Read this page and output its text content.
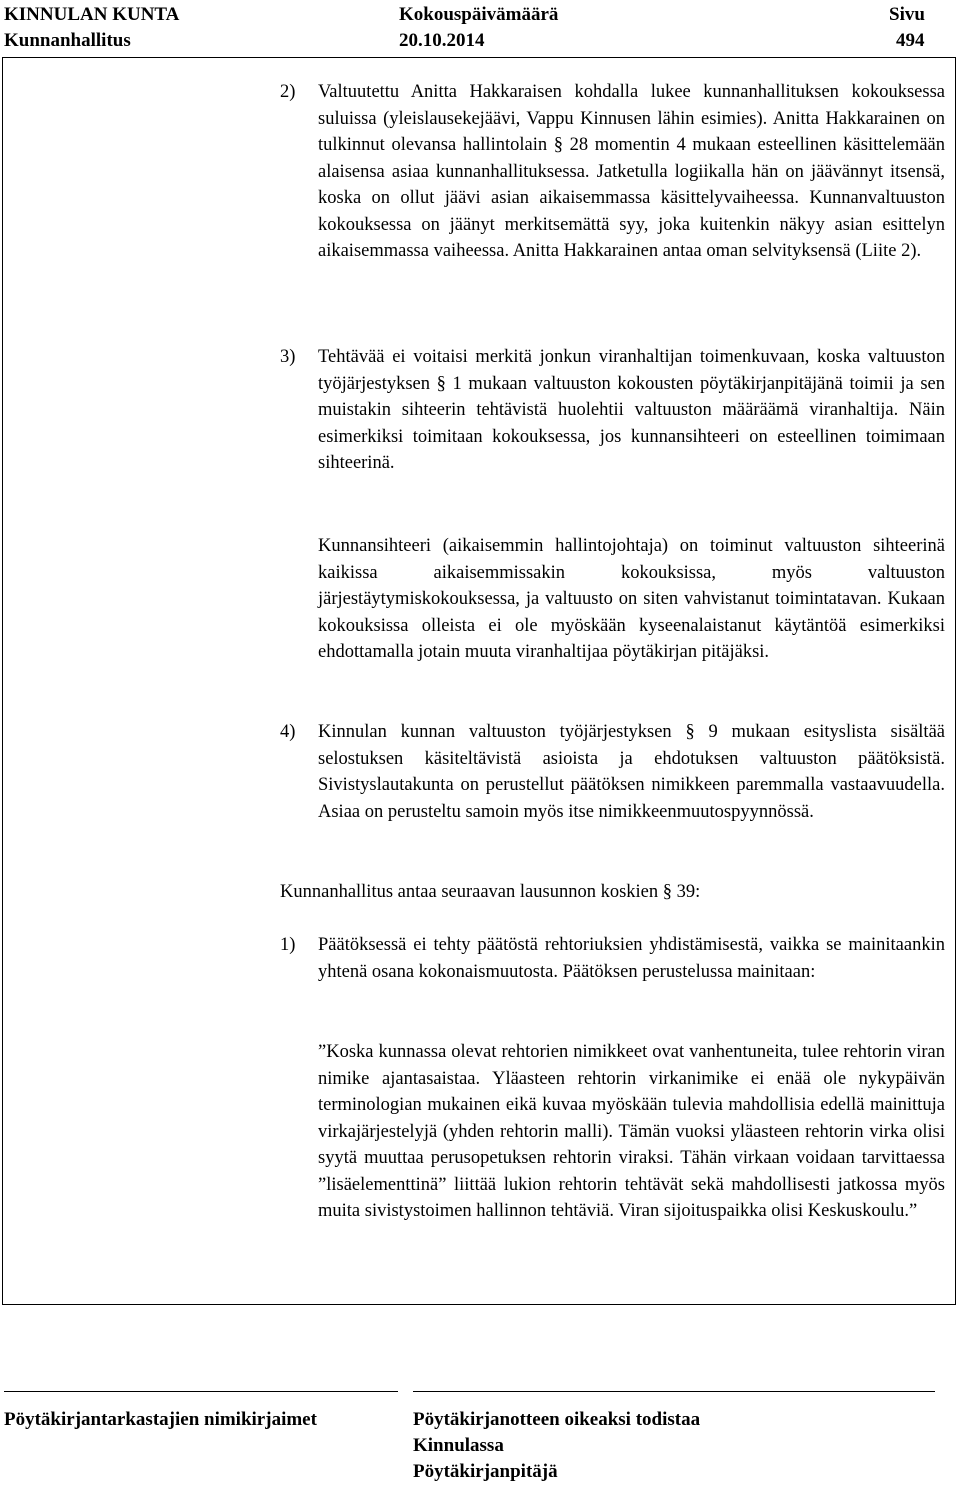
KINNULAN KUNTA
Kunnanhallitus
Kokouspäivämäärä
20.10.2014
Sivu
494
2) Valtuutettu Anitta Hakkaraisen kohdalla lukee kunnanhallituksen kokouksessa suluissa (yleislausekejäävi, Vappu Kinnusen lähin esimies). Anitta Hakkarainen on tulkinnut olevansa hallintolain § 28 momentin 4 mukaan esteellinen käsittelemään alaisensa asiaa kunnanhallituksessa. Jatketulla logiikalla hän on jäävännyt itsensä, koska on ollut jäävi asian aikaisemmassa käsittelyvaiheessa. Kunnanvaltuuston kokouksessa on jäänyt merkitsemättä syy, joka kuitenkin näkyy asian esittelyn aikaisemmassa vaiheessa. Anitta Hakkarainen antaa oman selvityksensä (Liite 2).
3) Tehtävää ei voitaisi merkitä jonkun viranhaltijan toimenkuvaan, koska valtuuston työjärjestyksen § 1 mukaan valtuuston kokousten pöytäkirjanpitäjänä toimii ja sen muistakin sihteerin tehtävistä huolehtii valtuuston määräämä viranhaltija. Näin esimerkiksi toimitaan kokouksessa, jos kunnansihteeri on esteellinen toimimaan sihteerinä.
Kunnansihteeri (aikaisemmin hallintojohtaja) on toiminut valtuuston sihteerinä kaikissa aikaisemmissakin kokouksissa, myös valtuuston järjestäytymiskokouksessa, ja valtuusto on siten vahvistanut toimintatavan. Kukaan kokouksissa olleista ei ole myöskään kyseenalaistanut käytäntöä esimerkiksi ehdottamalla jotain muuta viranhaltijaa pöytäkirjan pitäjäksi.
4) Kinnulan kunnan valtuuston työjärjestyksen § 9 mukaan esityslista sisältää selostuksen käsiteltävistä asioista ja ehdotuksen valtuuston päätöksistä. Sivistyslautakunta on perustellut päätöksen nimikkeen paremmalla vastaavuudella. Asiaa on perusteltu samoin myös itse nimikkeenmuutospyynnössä.
Kunnanhallitus antaa seuraavan lausunnon koskien § 39:
1) Päätöksessä ei tehty päätöstä rehtoriuksien yhdistämisestä, vaikka se mainitaankin yhtenä osana kokonaismuutosta. Päätöksen perustelussa mainitaan:
”Koska kunnassa olevat rehtorien nimikkeet ovat vanhentuneita, tulee rehtorin viran nimike ajantasaistaa. Yläasteen rehtorin virkanimike ei enää ole nykypäivän terminologian mukainen eikä kuvaa myöskään tulevia mahdollisia edellä mainittuja virkajärjestelyjä (yhden rehtorin malli). Tämän vuoksi yläasteen rehtorin virka olisi syytä muuttaa perusopetuksen rehtorin viraksi. Tähän virkaan voidaan tarvittaessa ”lisäelementtinä” liittää lukion rehtorin tehtävät sekä mahdollisesti jatkossa myös muita sivistystoimen hallinnon tehtäviä. Viran sijoituspaikka olisi Keskuskoulu.”
Pöytäkirjantarkastajien nimikirjaimet	Pöytäkirjanotteen oikeaksi todistaa
Kinnulassa
Pöytäkirjanpitäjä
